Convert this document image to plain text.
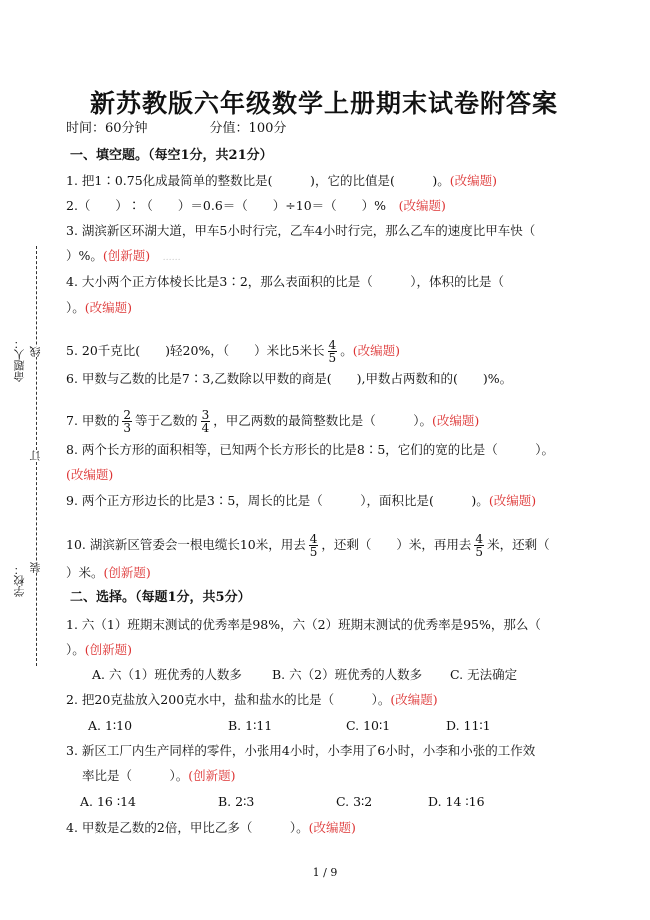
新苏教版六年级数学上册期末试卷附答案
时间：60分钟	分值：100分
命题人： 线
订
学校： 装
一、填空题。（每空1分，共21分）
1. 把1∶0.75化成最简单的整数比是(　　　)，它的比值是(　　　)。(改编题)
2.（　　）∶（　　）＝0.6＝（　　）÷10＝（　　）%　 (改编题)
3. 湖滨新区环湖大道，甲车5小时行完，乙车4小时行完，那么乙车的速度比甲车快（
）%。(创新题)　 ……
4. 大小两个正方体棱长比是3∶2，那么表面积的比是（　　　），体积的比是（
）。(改编题)
5. 20千克比(　　)轻20%，（　　）米比5米长 $\frac{4}{5}$ 。(改编题)
6. 甲数与乙数的比是7∶3,乙数除以甲数的商是(　　),甲数占两数和的(　　)%。
7. 甲数的 $\frac{2}{3}$ 等于乙数的 $\frac{3}{4}$ ，甲乙两数的最简整数比是（　　　）。(改编题)
8. 两个长方形的面积相等，已知两个长方形长的比是8∶5，它们的宽的比是（　　　）。
(改编题)
9. 两个正方形边长的比是3∶5，周长的比是（　　　），面积比是(　　　)。(改编题)
10. 湖滨新区管委会一根电缆长10米，用去 $\frac{4}{5}$ ，还剩（　　）米，再用去 $\frac{4}{5}$ 米，还剩（
）米。(创新题)
二、选择。（每题1分，共5分）
1. 六（1）班期末测试的优秀率是98%，六（2）班期末测试的优秀率是95%，那么（
）。(创新题)
A. 六（1）班优秀的人数多 B. 六（2）班优秀的人数多 C. 无法确定
2. 把20克盐放入200克水中，盐和盐水的比是（　　　）。(改编题)
A. 1∶10	B. 1∶11	C. 10∶1	D. 11∶1
3. 新区工厂内生产同样的零件，小张用4小时，小李用了6小时，小李和小张的工作效
率比是（　　　）。(创新题)
A. 16 ∶14	B. 2∶3	C. 3∶2	D. 14 ∶16
4. 甲数是乙数的2倍，甲比乙多（　　　）。(改编题)
1 / 9
